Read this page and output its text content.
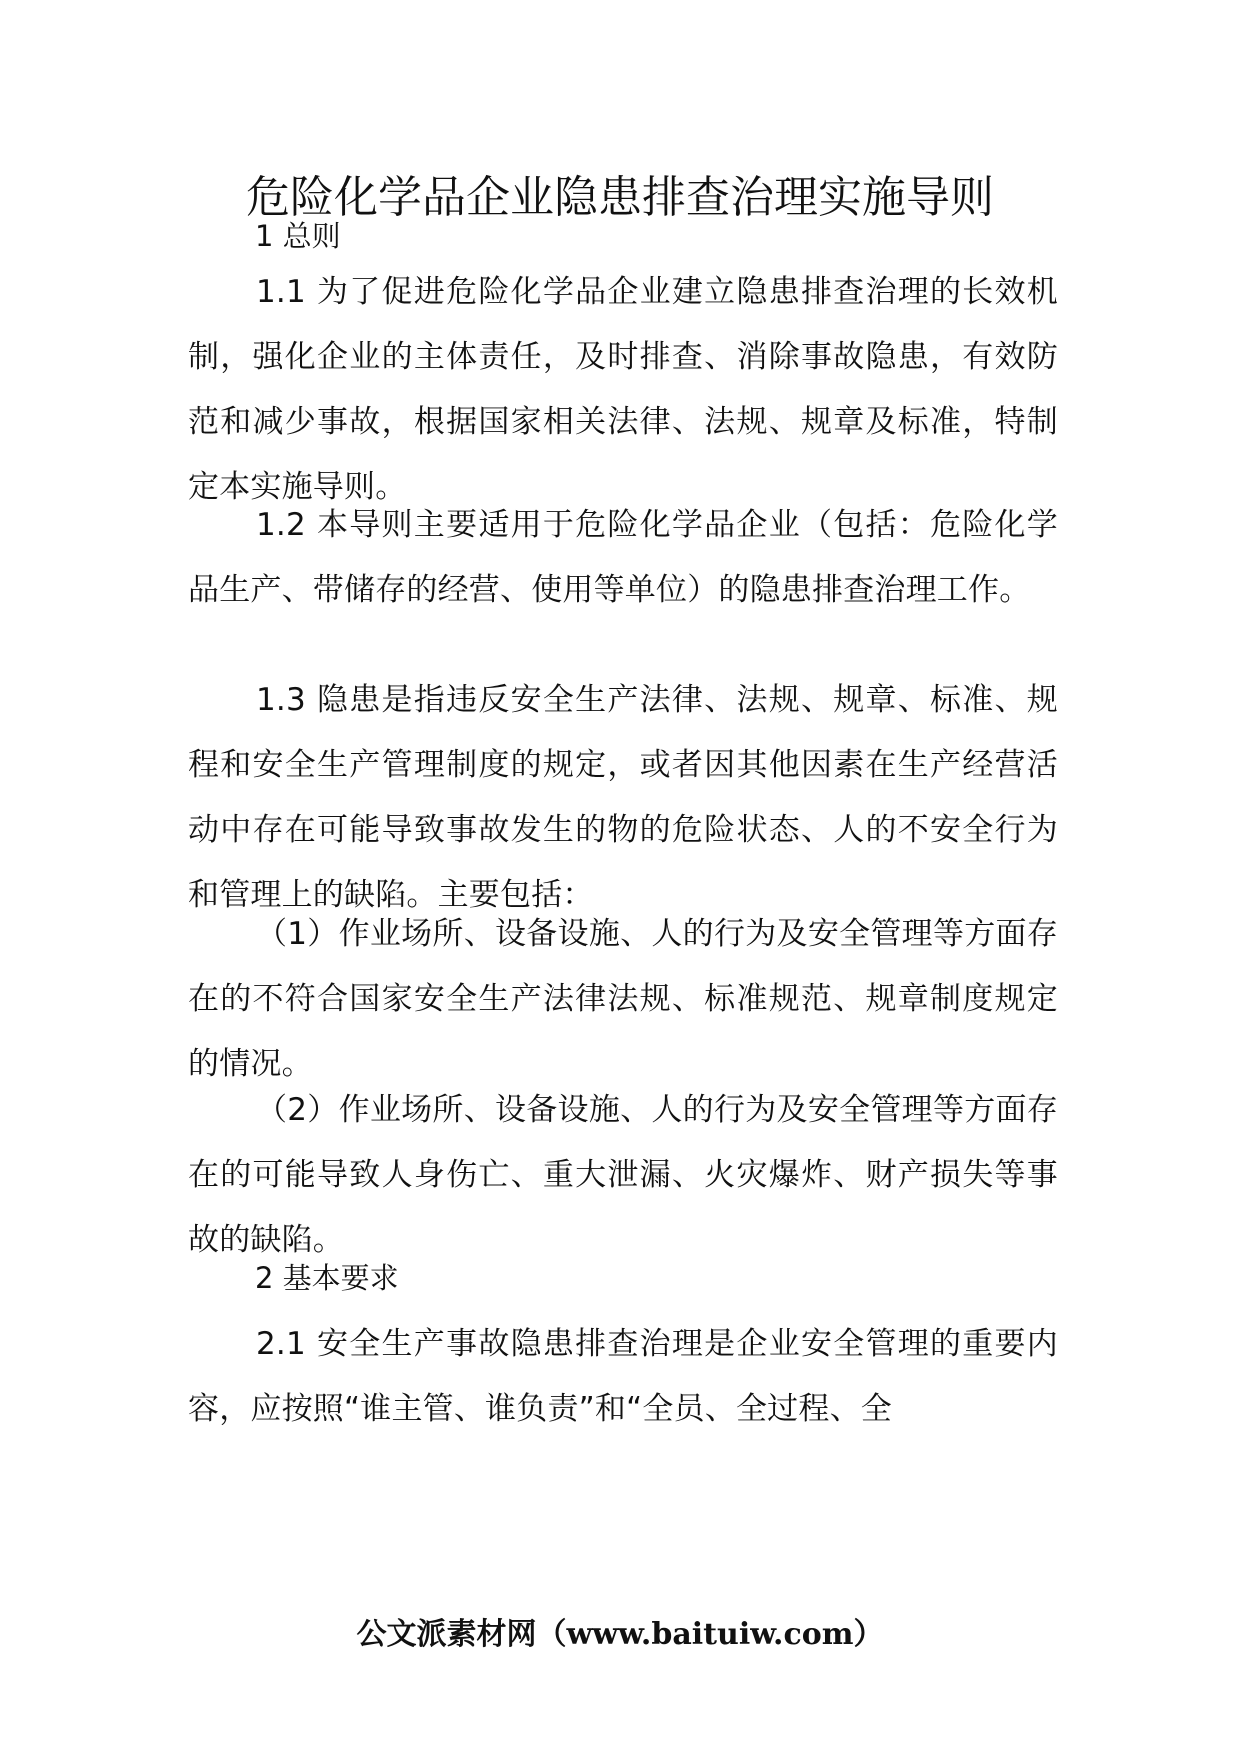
危险化学品企业隐患排查治理实施导则
1 总则

1.1 为了促进危险化学品企业建立隐患排查治理的长效机制，强化企业的主体责任，及时排查、消除事故隐患，有效防范和减少事故，根据国家相关法律、法规、规章及标准，特制定本实施导则。

1.2 本导则主要适用于危险化学品企业（包括：危险化学品生产、带储存的经营、使用等单位）的隐患排查治理工作。

1.3 隐患是指违反安全生产法律、法规、规章、标准、规程和安全生产管理制度的规定，或者因其他因素在生产经营活动中存在可能导致事故发生的物的危险状态、人的不安全行为和管理上的缺陷。主要包括：

（1）作业场所、设备设施、人的行为及安全管理等方面存在的不符合国家安全生产法律法规、标准规范、规章制度规定的情况。

（2）作业场所、设备设施、人的行为及安全管理等方面存在的可能导致人身伤亡、重大泄漏、火灾爆炸、财产损失等事故的缺陷。

2 基本要求

2.1 安全生产事故隐患排查治理是企业安全管理的重要内容，应按照“谁主管、谁负责”和“全员、全过程、全

公文派素材网（www.baituiw.com）
